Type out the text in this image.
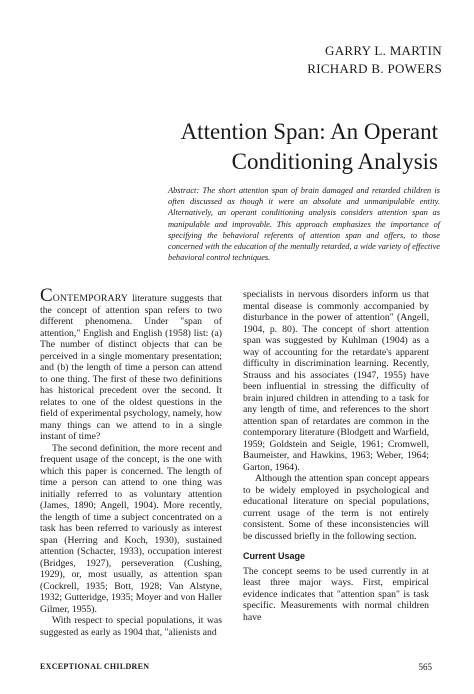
GARRY L. MARTIN
RICHARD B. POWERS
Attention Span: An Operant
Conditioning Analysis

Abstract: The short attention span of brain damaged and retarded children is often discussed as though it were an absolute and unmanipulable entity. Alternatively, an operant conditioning analysis considers attention span as manipulable and improvable. This approach emphasizes the importance of specifying the behavioral referents of attention span and offers, to those concerned with the education of the mentally retarded, a wide variety of effective behavioral control techniques.

CONTEMPORARY literature suggests that the concept of attention span refers to two different phenomena. Under "span of attention," English and English (1958) list: (a) The number of distinct objects that can be perceived in a single momentary presentation; and (b) the length of time a person can attend to one thing. The first of these two definitions has historical precedent over the second. It relates to one of the oldest questions in the field of experimental psychology, namely, how many things can we attend to in a single instant of time?

The second definition, the more recent and frequent usage of the concept, is the one with which this paper is concerned. The length of time a person can attend to one thing was initially referred to as voluntary attention (James, 1890; Angell, 1904). More recently, the length of time a subject concentrated on a task has been referred to variously as interest span (Herring and Koch, 1930), sustained attention (Schacter, 1933), occupation interest (Bridges, 1927), perseveration (Cushing, 1929), or, most usually, as attention span (Cockrell, 1935; Bott, 1928; Van Alstyne, 1932; Gutteridge, 1935; Moyer and von Haller Gilmer, 1955).

With respect to special populations, it was suggested as early as 1904 that, "alienists and

specialists in nervous disorders inform us that mental disease is commonly accompanied by disturbance in the power of attention" (Angell, 1904, p. 80). The concept of short attention span was suggested by Kuhlman (1904) as a way of accounting for the retardate's apparent difficulty in discrimination learning. Recently, Strauss and his associates (1947, 1955) have been influential in stressing the difficulty of brain injured children in attending to a task for any length of time, and references to the short attention span of retardates are common in the contemporary literature (Blodgett and Warfield, 1959; Goldstein and Seigle, 1961; Cromwell, Baumeister, and Hawkins, 1963; Weber, 1964; Garton, 1964).

Although the attention span concept appears to be widely employed in psychological and educational literature on special populations, current usage of the term is not entirely consistent. Some of these inconsistencies will be discussed briefly in the following section.

Current Usage

The concept seems to be used currently in at least three major ways. First, empirical evidence indicates that "attention span" is task specific. Measurements with normal children have

EXCEPTIONAL CHILDREN	565
